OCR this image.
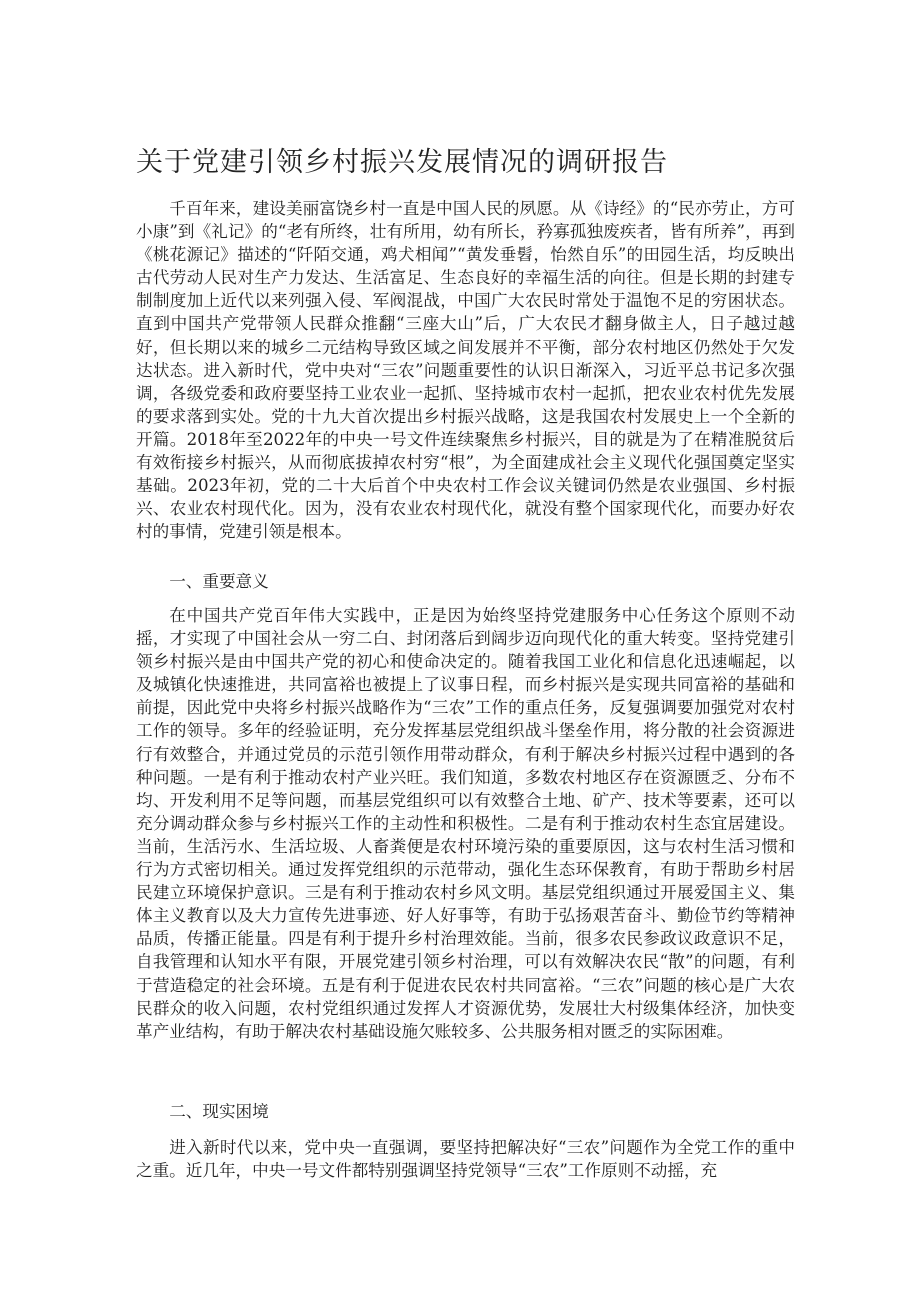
关于党建引领乡村振兴发展情况的调研报告

千百年来，建设美丽富饶乡村一直是中国人民的夙愿。从《诗经》的“民亦劳止，方可小康”到《礼记》的“老有所终，壮有所用，幼有所长，矜寡孤独废疾者，皆有所养”，再到《桃花源记》描述的“阡陌交通，鸡犬相闻”“黄发垂髫，怡然自乐”的田园生活，均反映出古代劳动人民对生产力发达、生活富足、生态良好的幸福生活的向往。但是长期的封建专制制度加上近代以来列强入侵、军阀混战，中国广大农民时常处于温饱不足的穷困状态。直到中国共产党带领人民群众推翻“三座大山”后，广大农民才翻身做主人，日子越过越好，但长期以来的城乡二元结构导致区域之间发展并不平衡，部分农村地区仍然处于欠发达状态。进入新时代，党中央对“三农”问题重要性的认识日渐深入，习近平总书记多次强调，各级党委和政府要坚持工业农业一起抓、坚持城市农村一起抓，把农业农村优先发展的要求落到实处。党的十九大首次提出乡村振兴战略，这是我国农村发展史上一个全新的开篇。2018年至2022年的中央一号文件连续聚焦乡村振兴，目的就是为了在精准脱贫后有效衔接乡村振兴，从而彻底拔掉农村穷“根”，为全面建成社会主义现代化强国奠定坚实基础。2023年初，党的二十大后首个中央农村工作会议关键词仍然是农业强国、乡村振兴、农业农村现代化。因为，没有农业农村现代化，就没有整个国家现代化，而要办好农村的事情，党建引领是根本。

一、重要意义

在中国共产党百年伟大实践中，正是因为始终坚持党建服务中心任务这个原则不动摇，才实现了中国社会从一穷二白、封闭落后到阔步迈向现代化的重大转变。坚持党建引领乡村振兴是由中国共产党的初心和使命决定的。随着我国工业化和信息化迅速崛起，以及城镇化快速推进，共同富裕也被提上了议事日程，而乡村振兴是实现共同富裕的基础和前提，因此党中央将乡村振兴战略作为“三农”工作的重点任务，反复强调要加强党对农村工作的领导。多年的经验证明，充分发挥基层党组织战斗堡垒作用，将分散的社会资源进行有效整合，并通过党员的示范引领作用带动群众，有利于解决乡村振兴过程中遇到的各种问题。一是有利于推动农村产业兴旺。我们知道，多数农村地区存在资源匮乏、分布不均、开发利用不足等问题，而基层党组织可以有效整合土地、矿产、技术等要素，还可以充分调动群众参与乡村振兴工作的主动性和积极性。二是有利于推动农村生态宜居建设。当前，生活污水、生活垃圾、人畜粪便是农村环境污染的重要原因，这与农村生活习惯和行为方式密切相关。通过发挥党组织的示范带动，强化生态环保教育，有助于帮助乡村居民建立环境保护意识。三是有利于推动农村乡风文明。基层党组织通过开展爱国主义、集体主义教育以及大力宣传先进事迹、好人好事等，有助于弘扬艰苦奋斗、勤俭节约等精神品质，传播正能量。四是有利于提升乡村治理效能。当前，很多农民参政议政意识不足，自我管理和认知水平有限，开展党建引领乡村治理，可以有效解决农民“散”的问题，有利于营造稳定的社会环境。五是有利于促进农民农村共同富裕。“三农”问题的核心是广大农民群众的收入问题，农村党组织通过发挥人才资源优势，发展壮大村级集体经济，加快变革产业结构，有助于解决农村基础设施欠账较多、公共服务相对匮乏的实际困难。

二、现实困境

进入新时代以来，党中央一直强调，要坚持把解决好“三农”问题作为全党工作的重中之重。近几年，中央一号文件都特别强调坚持党领导“三农”工作原则不动摇，充
